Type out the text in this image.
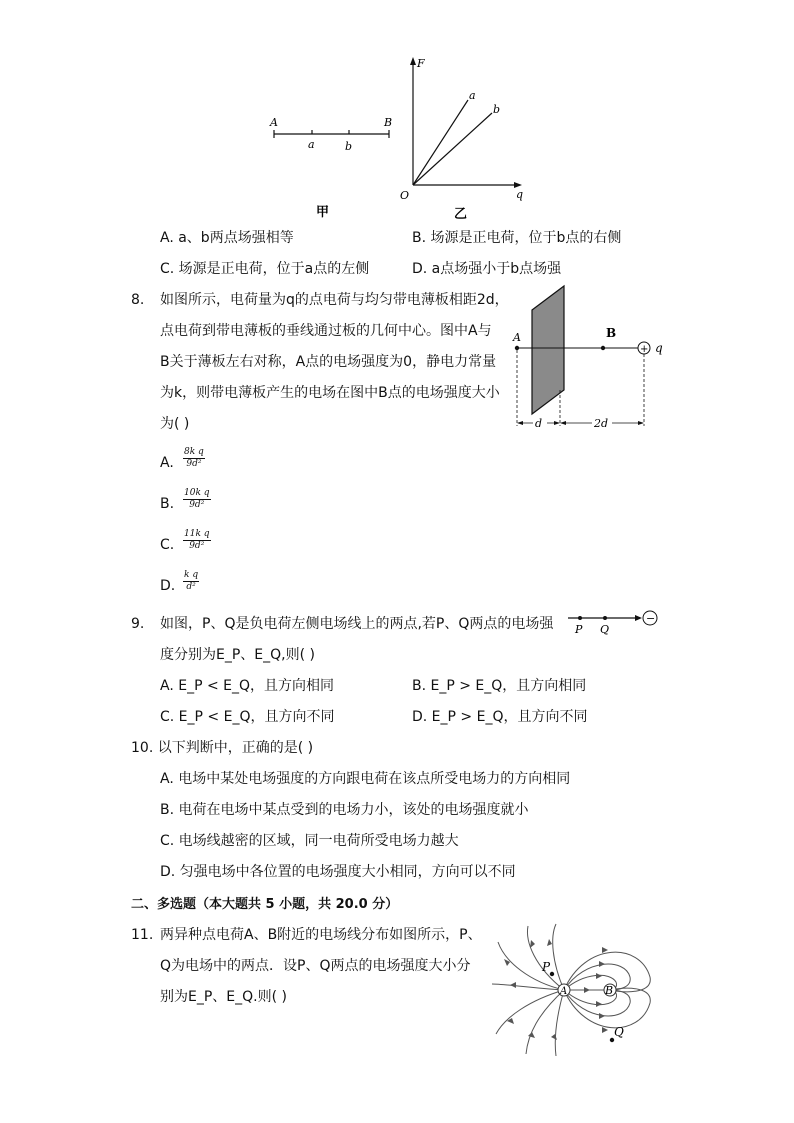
A	B
a	b
甲
F
q
O
a
b
乙
A. a、b两点场强相等	B. 场源是正电荷，位于b点的右侧
C. 场源是正电荷，位于a点的左侧	D. a点场强小于b点场强
8. 如图所示，电荷量为q的点电荷与均匀带电薄板相距2d，
点电荷到带电薄板的垂线通过板的几何中心。图中A与
B关于薄板左右对称，A点的电场强度为0，静电力常量
为k，则带电薄板产生的电场在图中B点的电场强度大小
为( )
+
A	B
q
d	2d
A. $\frac{\text{8k q}}{\text{9d²}}$
B. $\frac{\text{10k q}}{\text{9d²}}$
C. $\frac{\text{11k q}}{\text{9d²}}$
D. $\frac{\text{k q}}{\text{d²}}$
9. 如图，P、Q是负电荷左侧电场线上的两点,若P、Q两点的电场强
度分别为E_P、E_Q,则( )
−
P Q
A. E_P < E_Q，且方向相同	B. E_P > E_Q，且方向相同
C. E_P < E_Q，且方向不同	D. E_P > E_Q，且方向不同
10. 以下判断中，正确的是( )
A. 电场中某处电场强度的方向跟电荷在该点所受电场力的方向相同
B. 电荷在电场中某点受到的电场力小，该处的电场强度就小
C. 电场线越密的区域，同一电荷所受电场力越大
D. 匀强电场中各位置的电场强度大小相同，方向可以不同
二、多选题（本大题共 5 小题，共 20.0 分）
11. 两异种点电荷A、B附近的电场线分布如图所示，P、
Q为电场中的两点．设P、Q两点的电场强度大小分
别为E_P、E_Q.则( )	A	B
P
Q
